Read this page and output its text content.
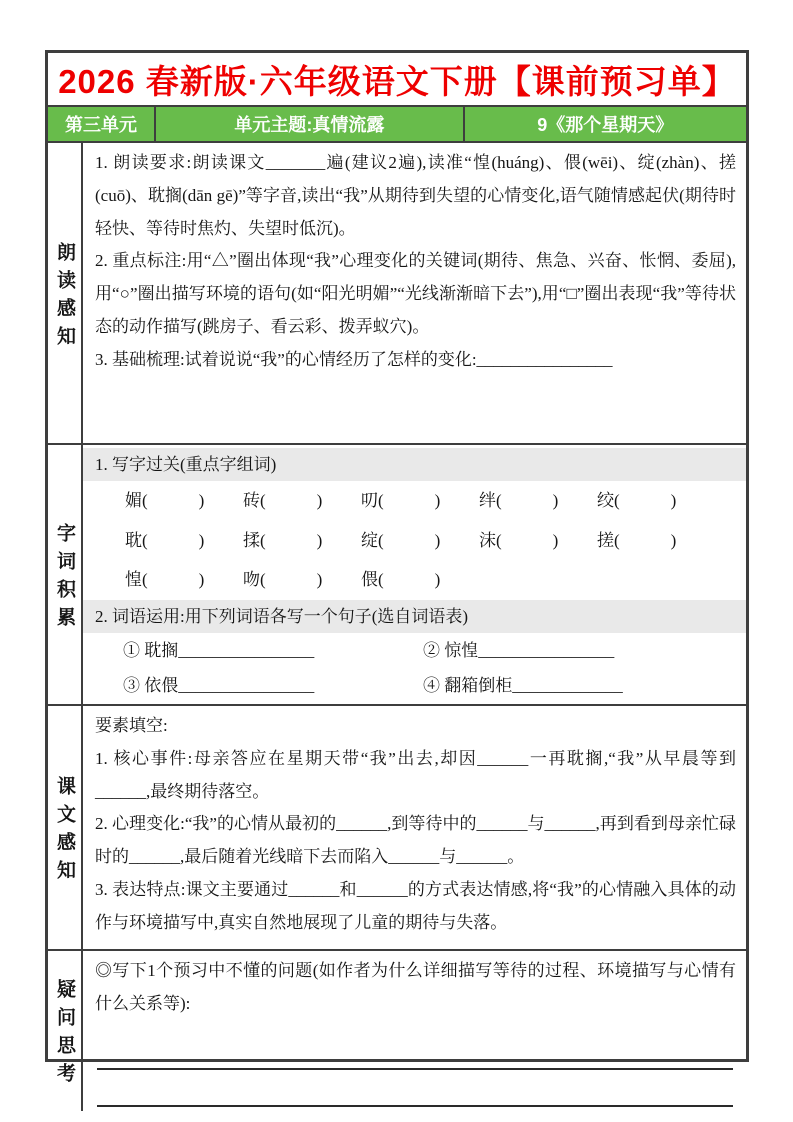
2026 春新版·六年级语文下册【课前预习单】
第三单元	单元主题:真情流露	9《那个星期天》
朗读感知

1. 朗读要求:朗读课文_______遍(建议2遍),读准“惶(huáng)、偎(wēi)、绽(zhàn)、搓(cuō)、耽搁(dān gē)”等字音,读出“我”从期待到失望的心情变化,语气随情感起伏(期待时轻快、等待时焦灼、失望时低沉)。

2. 重点标注:用“△”圈出体现“我”心理变化的关键词(期待、焦急、兴奋、怅惘、委屈),用“○”圈出描写环境的语句(如“阳光明媚”“光线渐渐暗下去”),用“□”圈出表现“我”等待状态的动作描写(跳房子、看云彩、拨弄蚁穴)。

3. 基础梳理:试着说说“我”的心情经历了怎样的变化:________________

字词积累
1. 写字过关(重点字组词)
媚(　　　) 砖(　　　) 叨(　　　) 绊(　　　) 绞(　　　)
耽(　　　) 揉(　　　) 绽(　　　) 沫(　　　) 搓(　　　)
惶(　　　) 吻(　　　) 偎(　　　)
2. 词语运用:用下列词语各写一个句子(选自词语表)
① 耽搁________________	② 惊惶________________
③ 依偎________________	④ 翻箱倒柜_____________
课文感知

要素填空:

1. 核心事件:母亲答应在星期天带“我”出去,却因______一再耽搁,“我”从早晨等到______,最终期待落空。

2. 心理变化:“我”的心情从最初的______,到等待中的______与______,再到看到母亲忙碌时的______,最后随着光线暗下去而陷入______与______。

3. 表达特点:课文主要通过______和______的方式表达情感,将“我”的心情融入具体的动作与环境描写中,真实自然地展现了儿童的期待与失落。

疑问思考

◎写下1个预习中不懂的问题(如作者为什么详细描写等待的过程、环境描写与心情有什么关系等):
